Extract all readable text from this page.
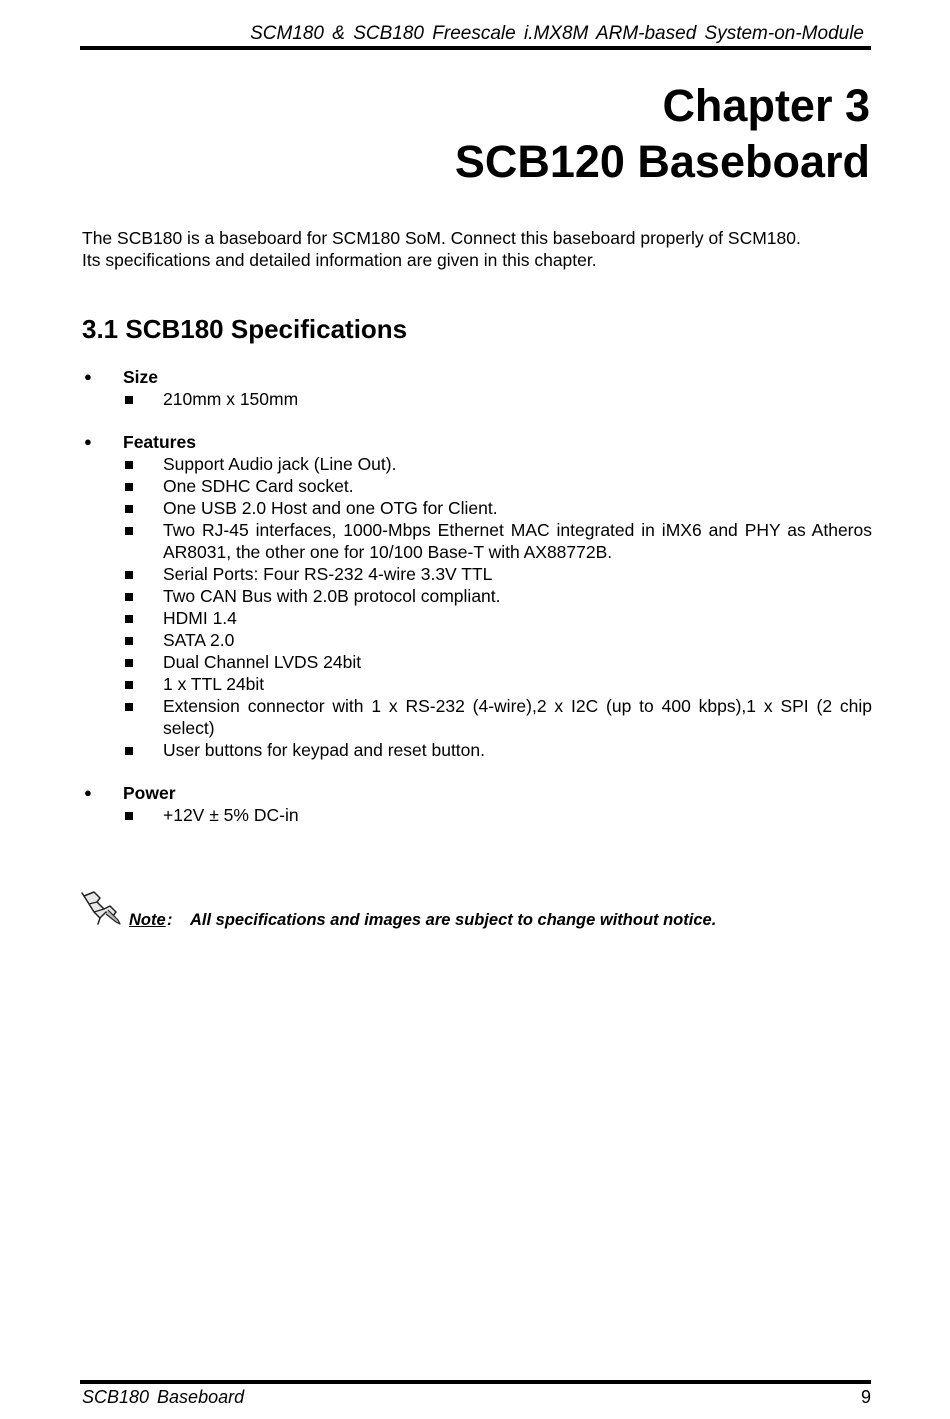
SCM180 & SCB180 Freescale i.MX8M ARM-based System-on-Module
Chapter 3
SCB120 Baseboard

The SCB180 is a baseboard for SCM180 SoM. Connect this baseboard properly of SCM180.

Its specifications and detailed information are given in this chapter.

3.1 SCB180 Specifications
● Size
210mm x 150mm
● Features
Support Audio jack (Line Out).
One SDHC Card socket.
One USB 2.0 Host and one OTG for Client.
Two RJ-45 interfaces, 1000-Mbps Ethernet MAC integrated in iMX6 and PHY as Atheros AR8031, the other one for 10/100 Base-T with AX88772B.
Serial Ports: Four RS-232 4-wire 3.3V TTL
Two CAN Bus with 2.0B protocol compliant.
HDMI 1.4
SATA 2.0
Dual Channel LVDS 24bit
1 x TTL 24bit
Extension connector with 1 x RS-232 (4-wire),2 x I2C (up to 400 kbps),1 x SPI (2 chip select)
User buttons for keypad and reset button.
● Power
+12V ± 5% DC-in
Note : All specifications and images are subject to change without notice.
SCB180 Baseboard	9
